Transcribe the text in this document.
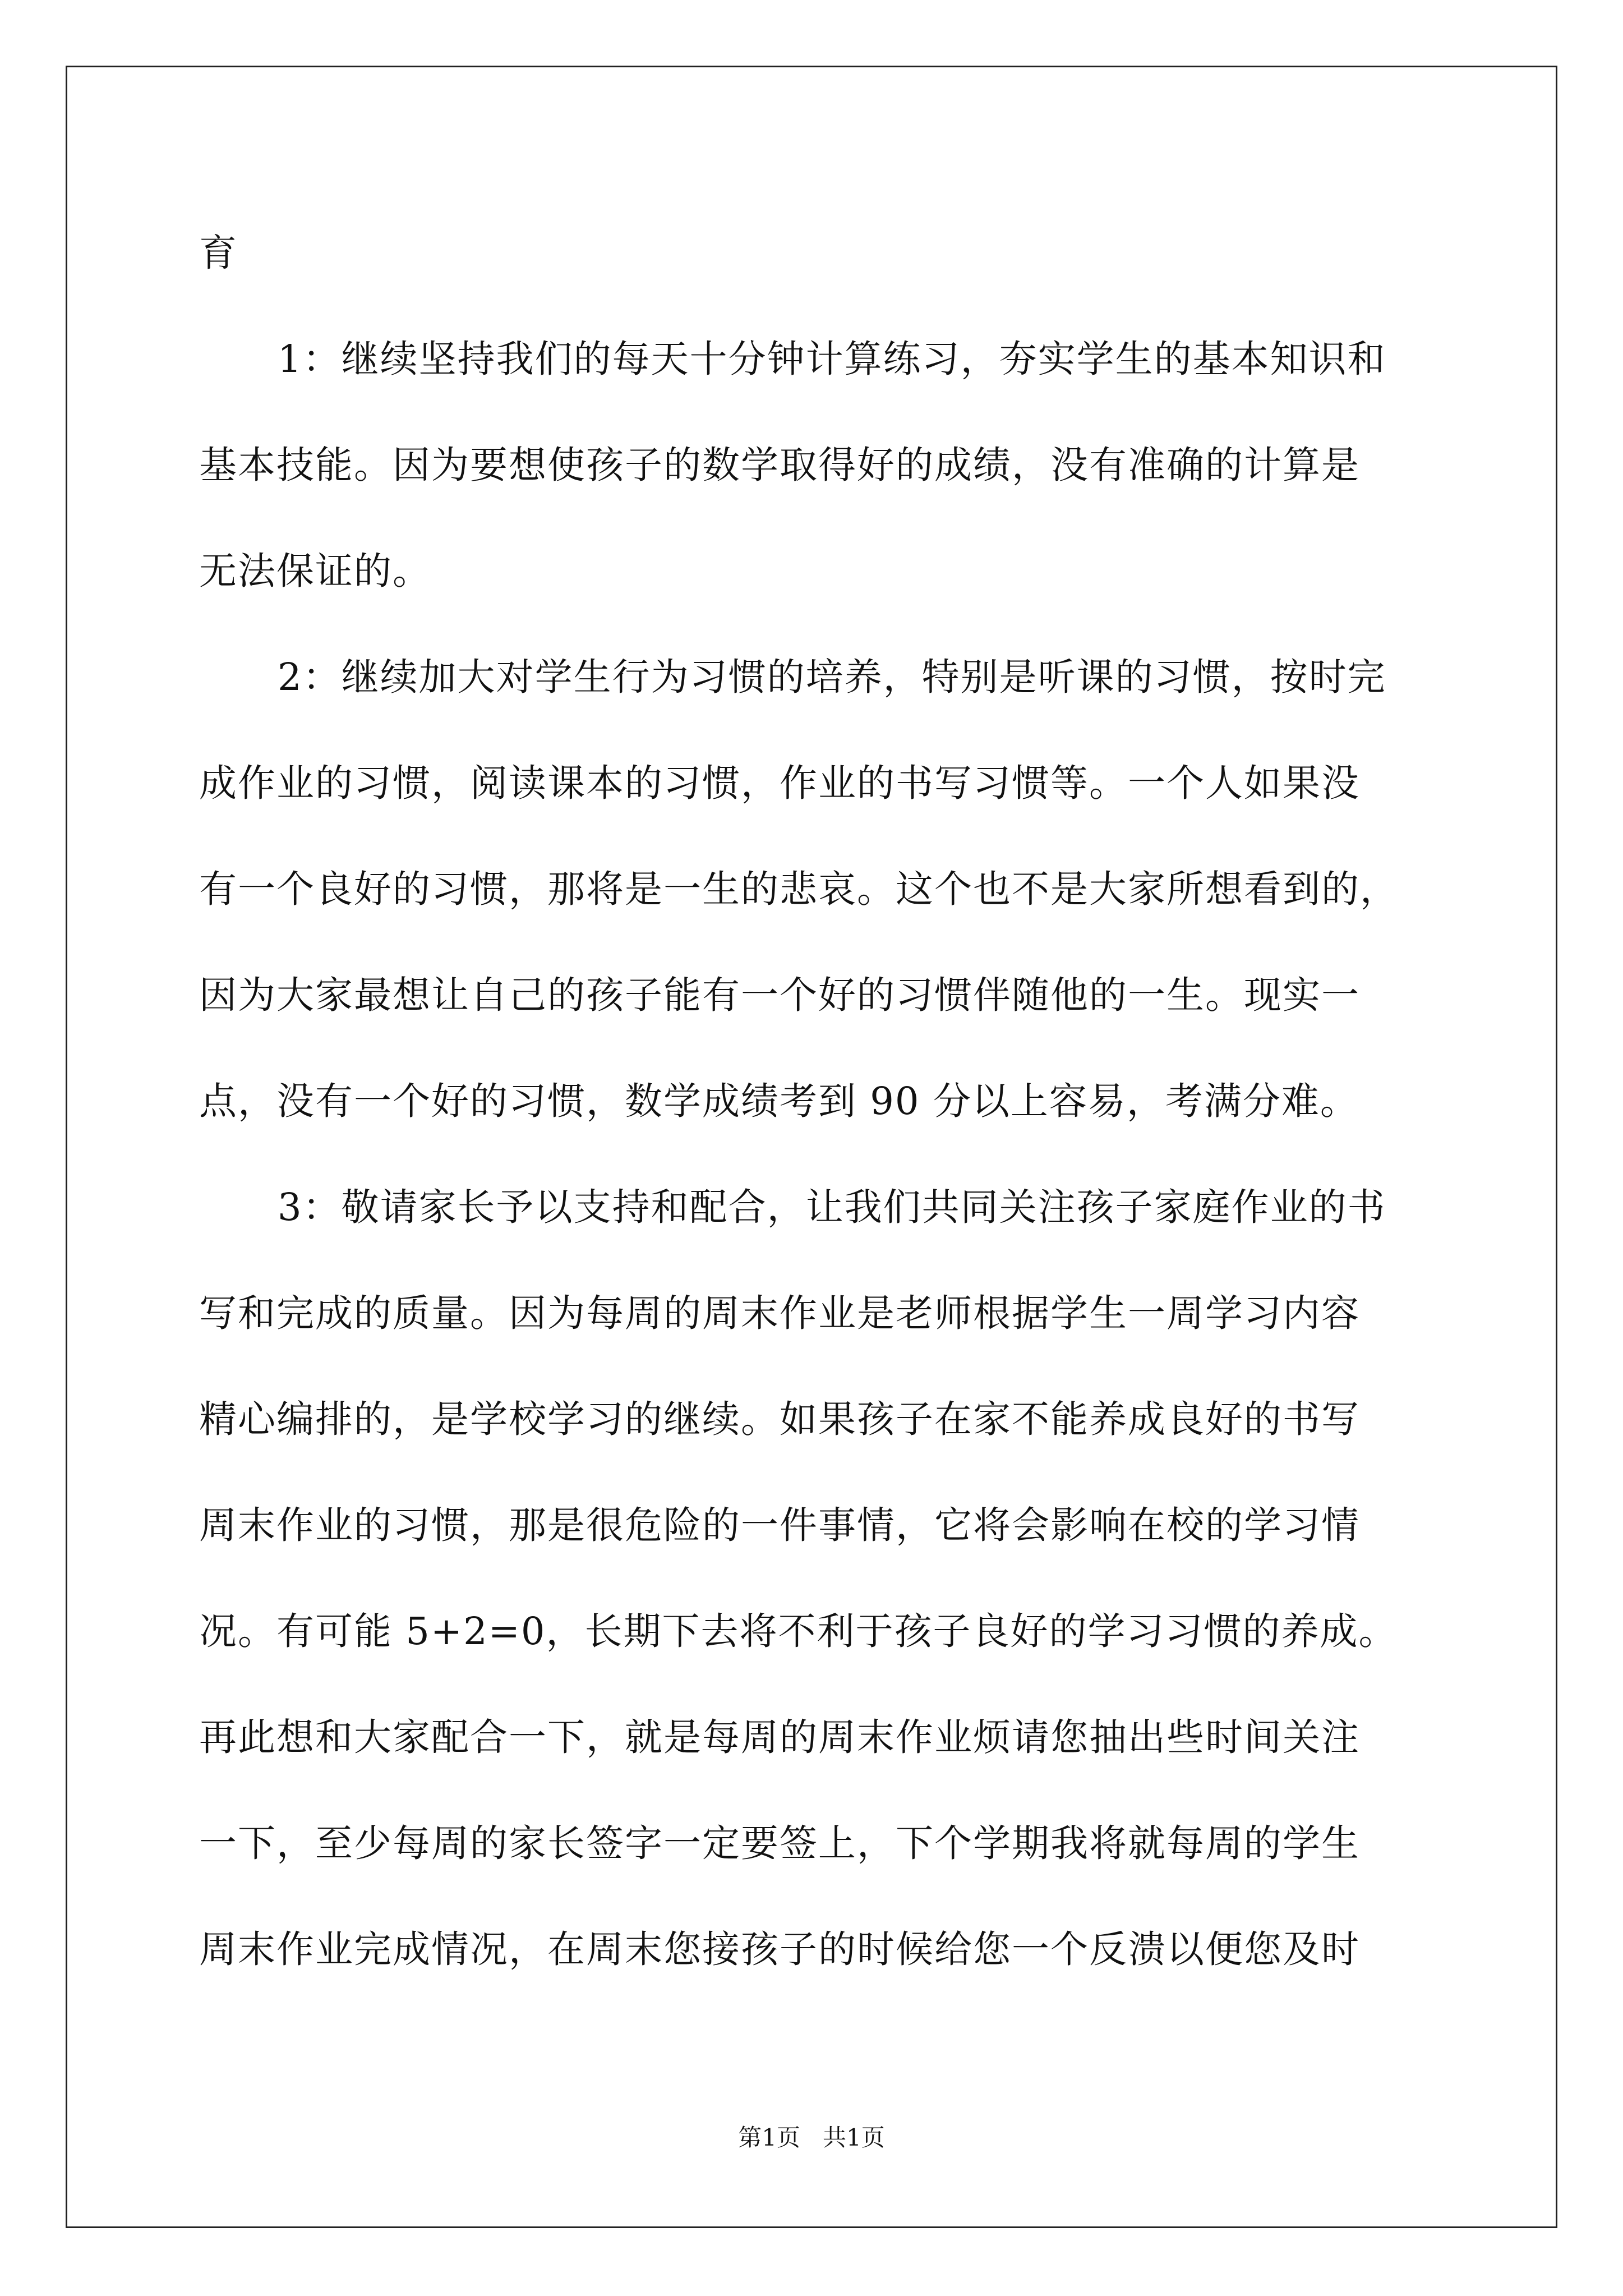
育
1：继续坚持我们的每天十分钟计算练习，夯实学生的基本知识和
基本技能。因为要想使孩子的数学取得好的成绩，没有准确的计算是
无法保证的。
2：继续加大对学生行为习惯的培养，特别是听课的习惯，按时完
成作业的习惯，阅读课本的习惯，作业的书写习惯等。一个人如果没
有一个良好的习惯，那将是一生的悲哀。这个也不是大家所想看到的，
因为大家最想让自己的孩子能有一个好的习惯伴随他的一生。现实一
点，没有一个好的习惯，数学成绩考到 90 分以上容易，考满分难。
3：敬请家长予以支持和配合，让我们共同关注孩子家庭作业的书
写和完成的质量。因为每周的周末作业是老师根据学生一周学习内容
精心编排的，是学校学习的继续。如果孩子在家不能养成良好的书写
周末作业的习惯，那是很危险的一件事情，它将会影响在校的学习情
况。有可能 5+2=0，长期下去将不利于孩子良好的学习习惯的养成。
再此想和大家配合一下，就是每周的周末作业烦请您抽出些时间关注
一下，至少每周的家长签字一定要签上，下个学期我将就每周的学生
周末作业完成情况，在周末您接孩子的时候给您一个反溃以便您及时
第1页   共1页
